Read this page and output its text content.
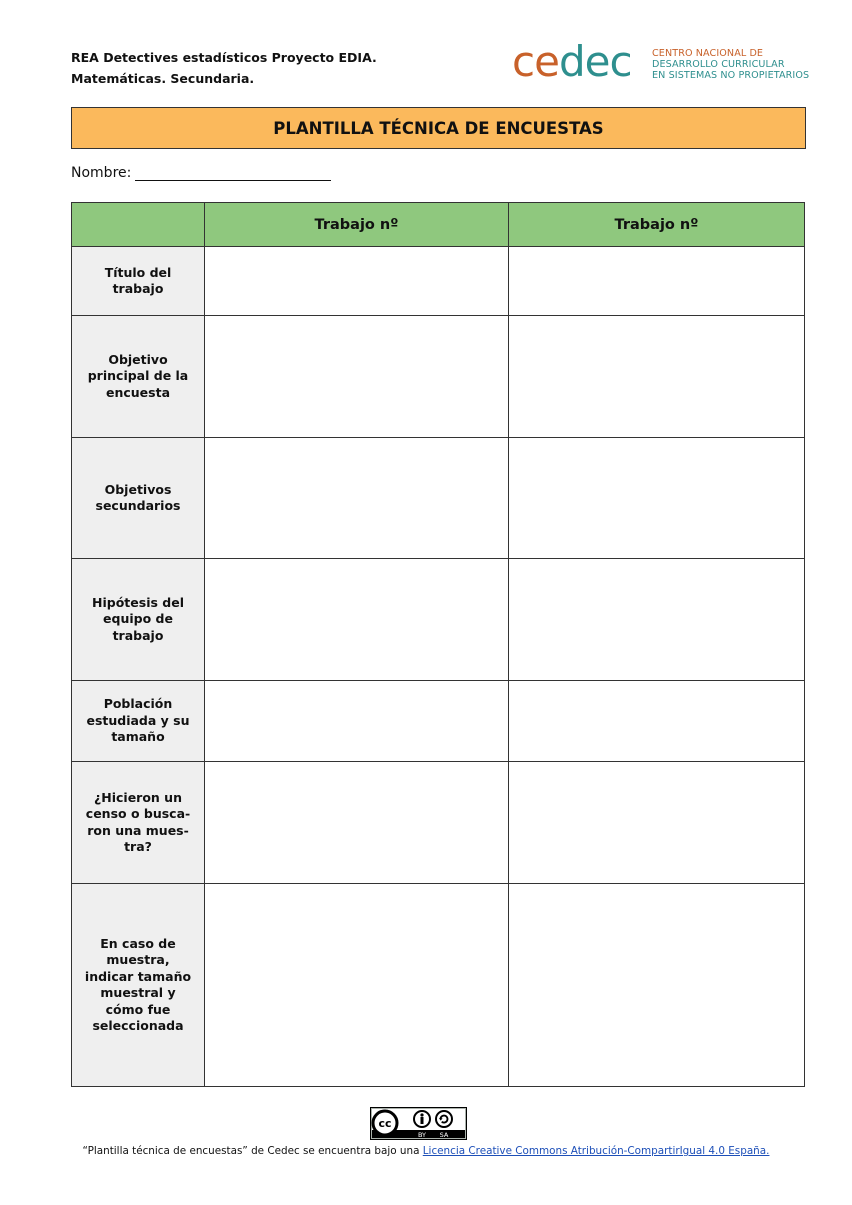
REA Detectives estadísticos Proyecto EDIA.
Matemáticas. Secundaria.	cedec CENTRO NACIONAL DE
DESARROLLO CURRICULAR
EN SISTEMAS NO PROPIETARIOS
PLANTILLA TÉCNICA DE ENCUESTAS
Nombre:
	Trabajo nº	Trabajo nº

Título del trabajo		

Objetivo principal de la encuesta		

Objetivos secundarios		

Hipótesis del equipo de trabajo		

Población estudiada y su tamaño		

¿Hicieron un censo o busca-ron una mues-tra?		

En caso de muestra, indicar tamaño muestral y cómo fue seleccionada		

cc
BY SA
“Plantilla técnica de encuestas” de Cedec se encuentra bajo una Licencia Creative Commons Atribución-CompartirIgual 4.0 España.
